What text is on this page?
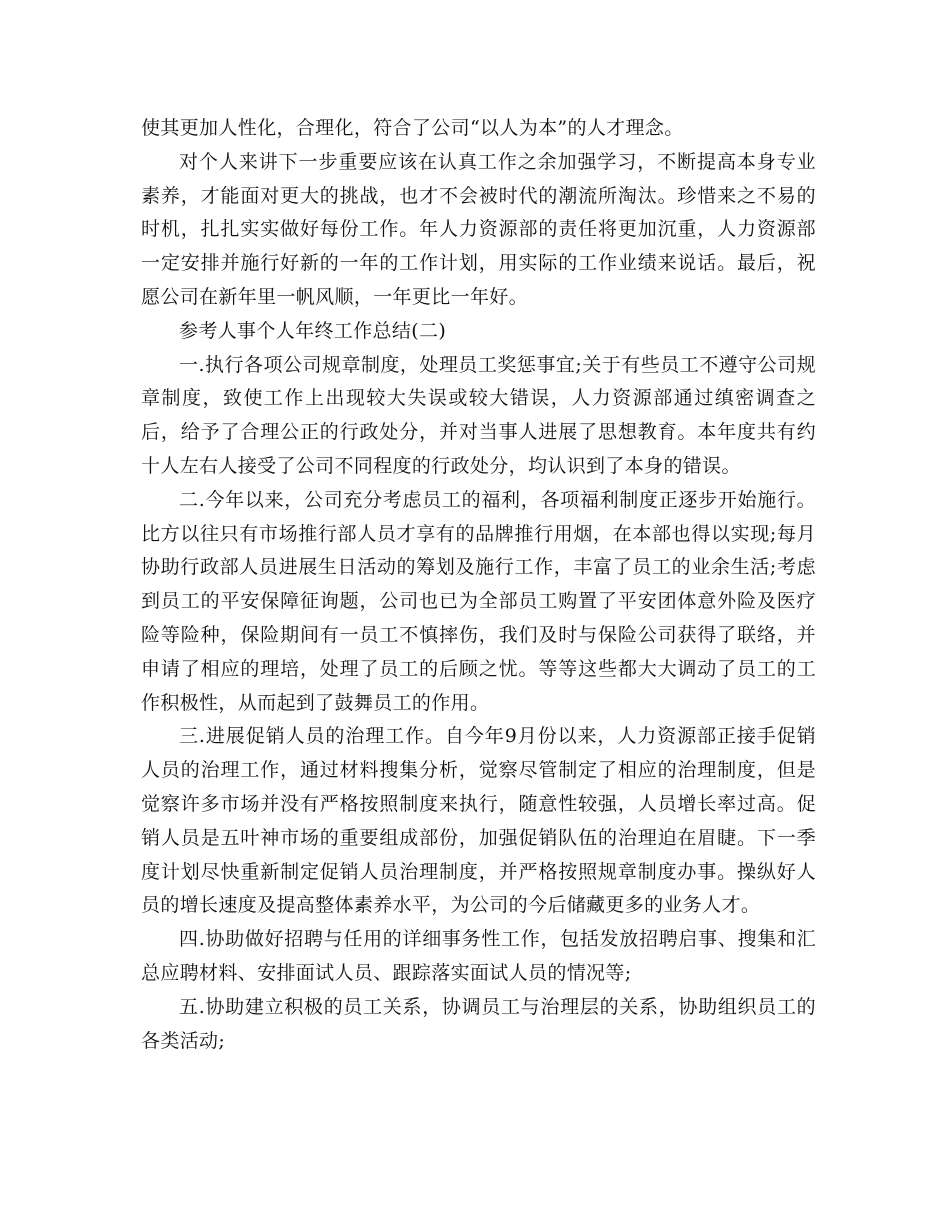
使其更加人性化，合理化，符合了公司“以人为本”的人才理念。

对个人来讲下一步重要应该在认真工作之余加强学习，不断提高本身专业素养，才能面对更大的挑战，也才不会被时代的潮流所淘汰。珍惜来之不易的时机，扎扎实实做好每份工作。年人力资源部的责任将更加沉重，人力资源部一定安排并施行好新的一年的工作计划，用实际的工作业绩来说话。最后，祝愿公司在新年里一帆风顺，一年更比一年好。

参考人事个人年终工作总结(二)

一.执行各项公司规章制度，处理员工奖惩事宜;关于有些员工不遵守公司规章制度，致使工作上出现较大失误或较大错误，人力资源部通过缜密调查之后，给予了合理公正的行政处分，并对当事人进展了思想教育。本年度共有约十人左右人接受了公司不同程度的行政处分，均认识到了本身的错误。

二.今年以来，公司充分考虑员工的福利，各项福利制度正逐步开始施行。比方以往只有市场推行部人员才享有的品牌推行用烟，在本部也得以实现;每月协助行政部人员进展生日活动的筹划及施行工作，丰富了员工的业余生活;考虑到员工的平安保障征询题，公司也已为全部员工购置了平安团体意外险及医疗险等险种，保险期间有一员工不慎摔伤，我们及时与保险公司获得了联络，并申请了相应的理培，处理了员工的后顾之忧。等等这些都大大调动了员工的工作积极性，从而起到了鼓舞员工的作用。

三.进展促销人员的治理工作。自今年9月份以来，人力资源部正接手促销人员的治理工作，通过材料搜集分析，觉察尽管制定了相应的治理制度，但是觉察许多市场并没有严格按照制度来执行，随意性较强，人员增长率过高。促销人员是五叶神市场的重要组成部份，加强促销队伍的治理迫在眉睫。下一季度计划尽快重新制定促销人员治理制度，并严格按照规章制度办事。操纵好人员的增长速度及提高整体素养水平，为公司的今后储藏更多的业务人才。

四.协助做好招聘与任用的详细事务性工作，包括发放招聘启事、搜集和汇总应聘材料、安排面试人员、跟踪落实面试人员的情况等;

五.协助建立积极的员工关系，协调员工与治理层的关系，协助组织员工的各类活动;
